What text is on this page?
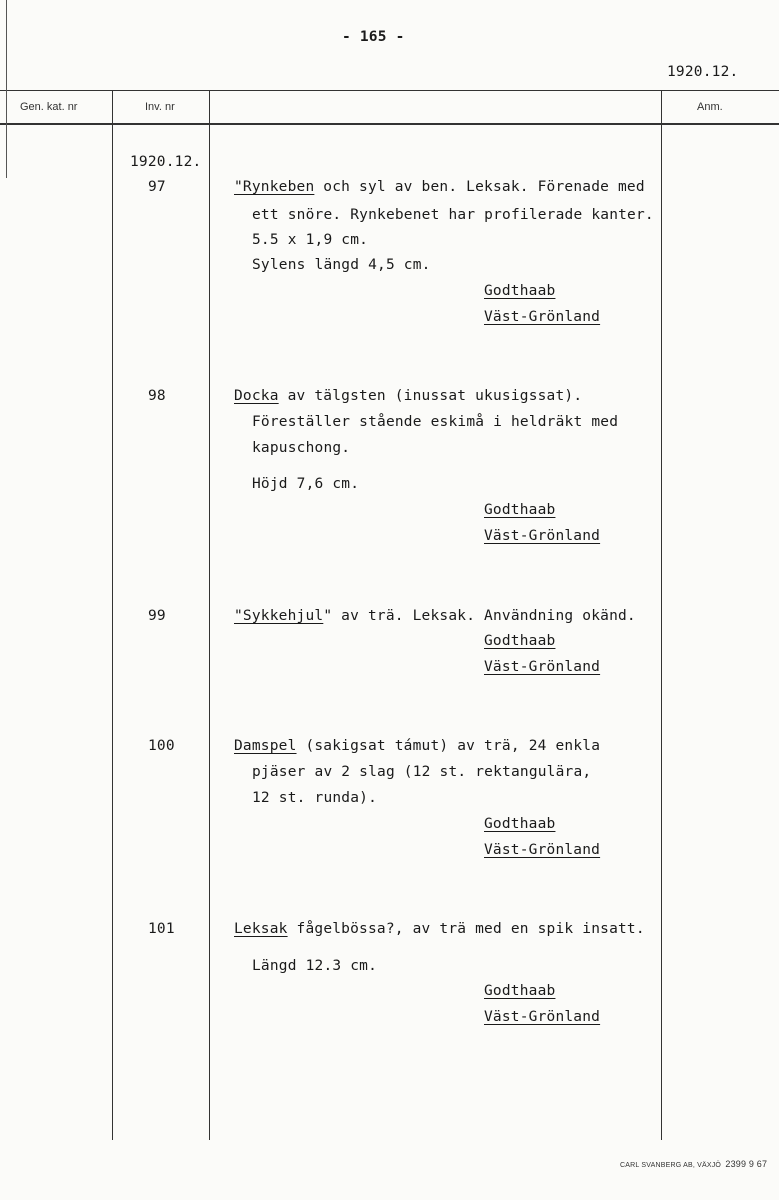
- 165 -
1920.12.
Gen. kat. nr	Inv. nr	Anm.
1920.12.
97	"Rynkeben och syl av ben. Leksak. Förenade med
ett snöre. Rynkebenet har profilerade kanter.
5.5 x 1,9 cm.
Sylens längd 4,5 cm.
Godthaab
Väst-Grönland
98	Docka av tälgsten (inussat ukusigssat).
Föreställer stående eskimå i heldräkt med
kapuschong.
Höjd 7,6 cm.
Godthaab
Väst-Grönland
99	"Sykkehjul" av trä. Leksak. Användning okänd.
Godthaab
Väst-Grönland
100	Damspel (sakigsat támut) av trä, 24 enkla
pjäser av 2 slag (12 st. rektangulära,
12 st. runda).
Godthaab
Väst-Grönland
101	Leksak fågelbössa?, av trä med en spik insatt.
Längd 12.3 cm.
Godthaab
Väst-Grönland
CARL SVANBERG AB, VÄXJÖ 2399 9 67
